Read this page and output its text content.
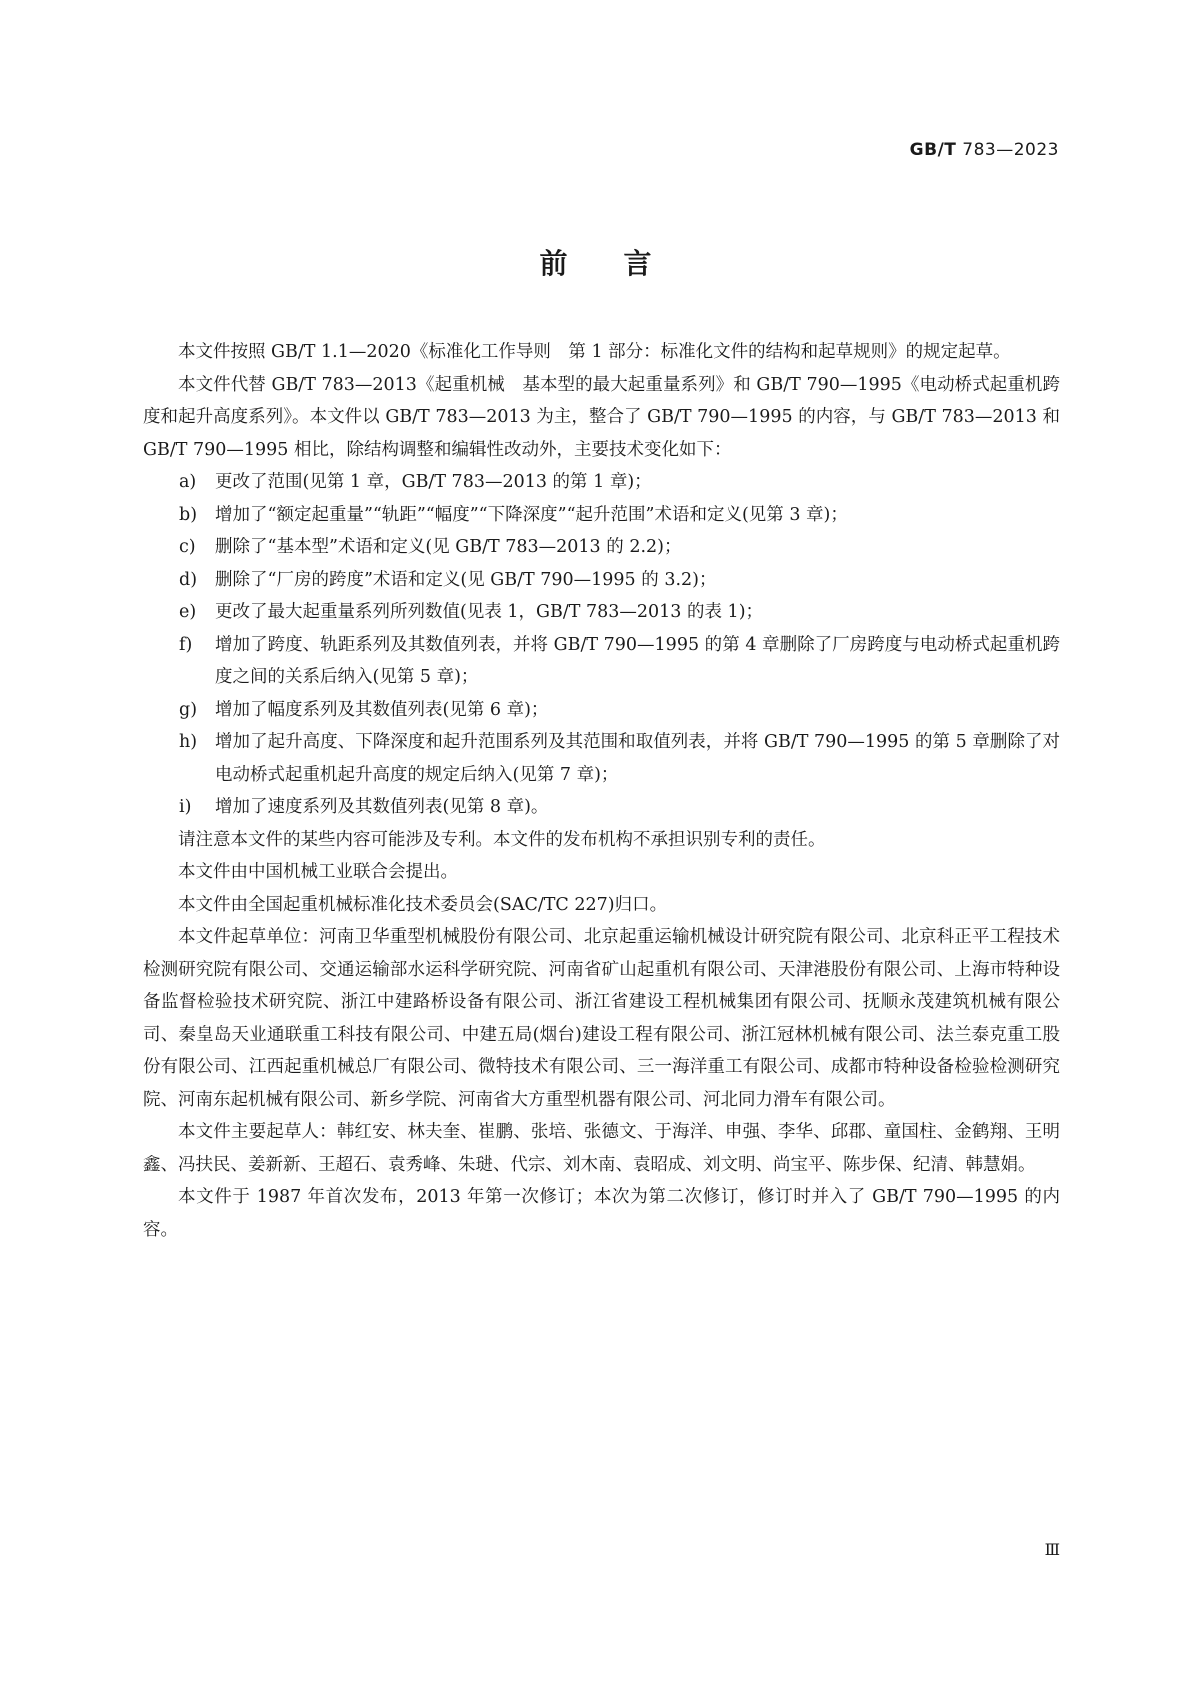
GB/T 783—2023
前言

本文件按照 GB/T 1.1—2020《标准化工作导则　第 1 部分：标准化文件的结构和起草规则》的规定起草。

本文件代替 GB/T 783—2013《起重机械　基本型的最大起重量系列》和 GB/T 790—1995《电动桥式起重机跨度和起升高度系列》。本文件以 GB/T 783—2013 为主，整合了 GB/T 790—1995 的内容，与 GB/T 783—2013 和 GB/T 790—1995 相比，除结构调整和编辑性改动外，主要技术变化如下：

a) 更改了范围(见第 1 章，GB/T 783—2013 的第 1 章)；

b) 增加了“额定起重量”“轨距”“幅度”“下降深度”“起升范围”术语和定义(见第 3 章)；

c) 删除了“基本型”术语和定义(见 GB/T 783—2013 的 2.2)；

d) 删除了“厂房的跨度”术语和定义(见 GB/T 790—1995 的 3.2)；

e) 更改了最大起重量系列所列数值(见表 1，GB/T 783—2013 的表 1)；

f) 增加了跨度、轨距系列及其数值列表，并将 GB/T 790—1995 的第 4 章删除了厂房跨度与电动桥式起重机跨度之间的关系后纳入(见第 5 章)；

g) 增加了幅度系列及其数值列表(见第 6 章)；

h) 增加了起升高度、下降深度和起升范围系列及其范围和取值列表，并将 GB/T 790—1995 的第 5 章删除了对电动桥式起重机起升高度的规定后纳入(见第 7 章)；

i) 增加了速度系列及其数值列表(见第 8 章)。

请注意本文件的某些内容可能涉及专利。本文件的发布机构不承担识别专利的责任。

本文件由中国机械工业联合会提出。

本文件由全国起重机械标准化技术委员会(SAC/TC 227)归口。

本文件起草单位：河南卫华重型机械股份有限公司、北京起重运输机械设计研究院有限公司、北京科正平工程技术检测研究院有限公司、交通运输部水运科学研究院、河南省矿山起重机有限公司、天津港股份有限公司、上海市特种设备监督检验技术研究院、浙江中建路桥设备有限公司、浙江省建设工程机械集团有限公司、抚顺永茂建筑机械有限公司、秦皇岛天业通联重工科技有限公司、中建五局(烟台)建设工程有限公司、浙江冠林机械有限公司、法兰泰克重工股份有限公司、江西起重机械总厂有限公司、微特技术有限公司、三一海洋重工有限公司、成都市特种设备检验检测研究院、河南东起机械有限公司、新乡学院、河南省大方重型机器有限公司、河北同力滑车有限公司。

本文件主要起草人：韩红安、林夫奎、崔鹏、张培、张德文、于海洋、申强、李华、邱郡、童国柱、金鹤翔、王明鑫、冯扶民、姜新新、王超石、袁秀峰、朱琎、代宗、刘木南、袁昭成、刘文明、尚宝平、陈步保、纪清、韩慧娟。

本文件于 1987 年首次发布，2013 年第一次修订；本次为第二次修订，修订时并入了 GB/T 790—1995 的内容。

Ⅲ
